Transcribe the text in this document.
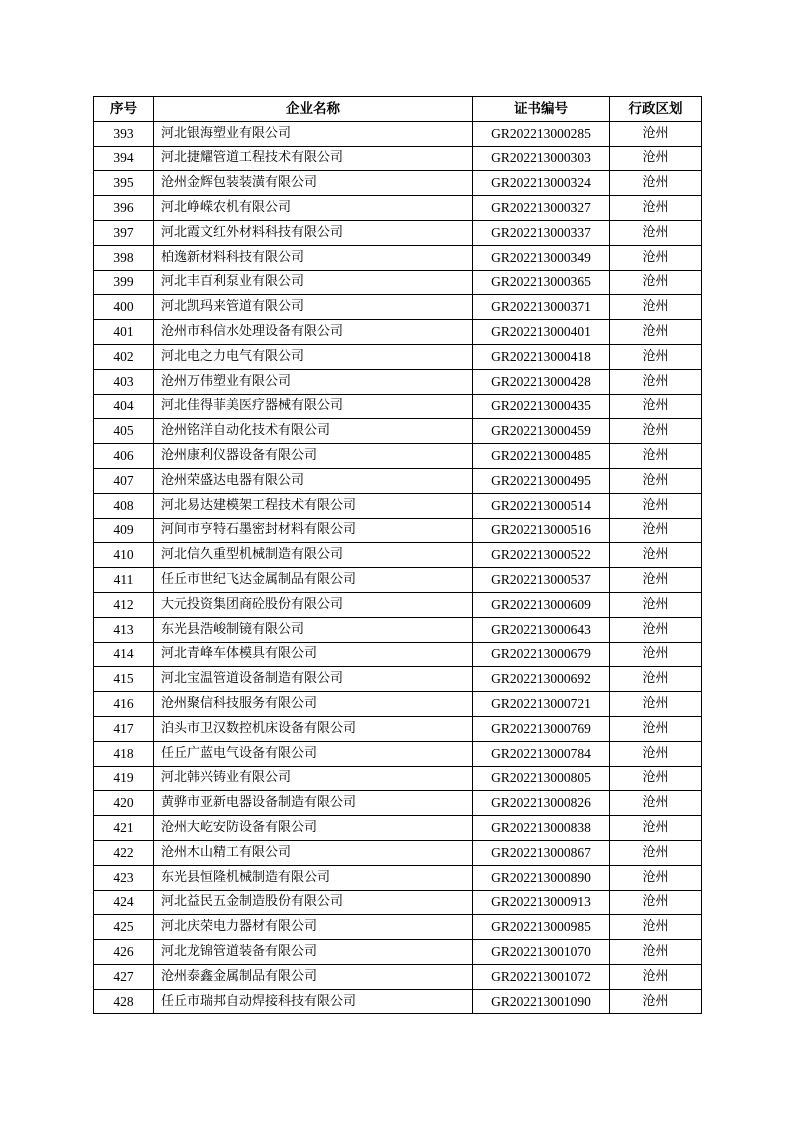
序号	企业名称	证书编号	行政区划
393	河北银海塑业有限公司	GR202213000285	沧州
394	河北捷耀管道工程技术有限公司	GR202213000303	沧州
395	沧州金辉包装装潢有限公司	GR202213000324	沧州
396	河北峥嵘农机有限公司	GR202213000327	沧州
397	河北霞文红外材料科技有限公司	GR202213000337	沧州
398	柏逸新材料科技有限公司	GR202213000349	沧州
399	河北丰百利泵业有限公司	GR202213000365	沧州
400	河北凯玛来管道有限公司	GR202213000371	沧州
401	沧州市科信水处理设备有限公司	GR202213000401	沧州
402	河北电之力电气有限公司	GR202213000418	沧州
403	沧州万伟塑业有限公司	GR202213000428	沧州
404	河北佳得菲美医疗器械有限公司	GR202213000435	沧州
405	沧州铭洋自动化技术有限公司	GR202213000459	沧州
406	沧州康利仪器设备有限公司	GR202213000485	沧州
407	沧州荣盛达电器有限公司	GR202213000495	沧州
408	河北易达建模架工程技术有限公司	GR202213000514	沧州
409	河间市亨特石墨密封材料有限公司	GR202213000516	沧州
410	河北信久重型机械制造有限公司	GR202213000522	沧州
411	任丘市世纪飞达金属制品有限公司	GR202213000537	沧州
412	大元投资集团商砼股份有限公司	GR202213000609	沧州
413	东光县浩峻制镜有限公司	GR202213000643	沧州
414	河北青峰车体模具有限公司	GR202213000679	沧州
415	河北宝温管道设备制造有限公司	GR202213000692	沧州
416	沧州聚信科技服务有限公司	GR202213000721	沧州
417	泊头市卫汉数控机床设备有限公司	GR202213000769	沧州
418	任丘广蓝电气设备有限公司	GR202213000784	沧州
419	河北韩兴铸业有限公司	GR202213000805	沧州
420	黄骅市亚新电器设备制造有限公司	GR202213000826	沧州
421	沧州大屹安防设备有限公司	GR202213000838	沧州
422	沧州木山精工有限公司	GR202213000867	沧州
423	东光县恒隆机械制造有限公司	GR202213000890	沧州
424	河北益民五金制造股份有限公司	GR202213000913	沧州
425	河北庆荣电力器材有限公司	GR202213000985	沧州
426	河北龙锦管道装备有限公司	GR202213001070	沧州
427	沧州泰鑫金属制品有限公司	GR202213001072	沧州
428	任丘市瑞邦自动焊接科技有限公司	GR202213001090	沧州
